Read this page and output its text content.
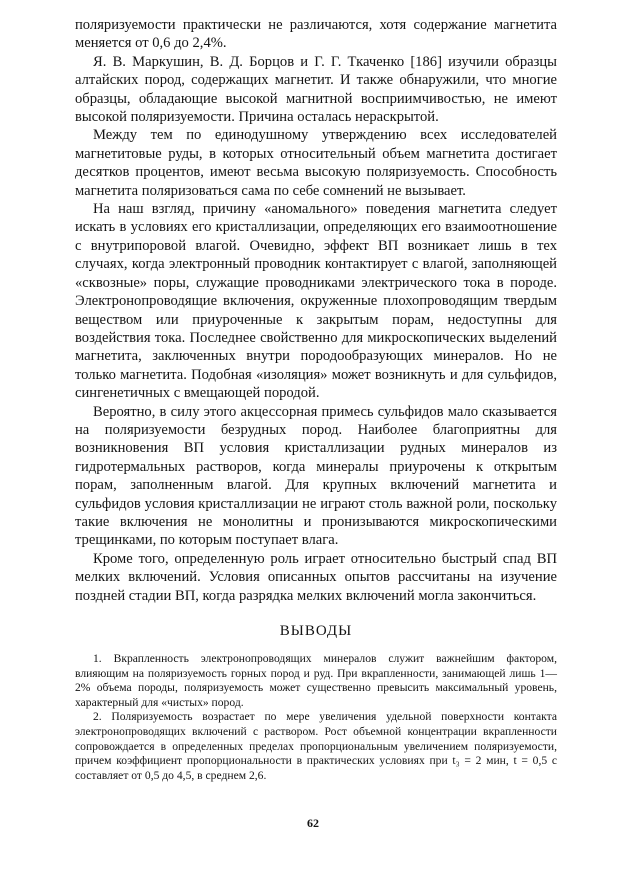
поляризуемости практически не различаются, хотя содержание магнетита меняется от 0,6 до 2,4%.

Я. В. Маркушин, В. Д. Борцов и Г. Г. Ткаченко [186] изучили образцы алтайских пород, содержащих магнетит. И также обнаружили, что многие образцы, обладающие высокой магнитной восприимчивостью, не имеют высокой поляризуемости. Причина осталась нераскрытой.

Между тем по единодушному утверждению всех исследователей магнетитовые руды, в которых относительный объем магнетита достигает десятков процентов, имеют весьма высокую поляризуемость. Способность магнетита поляризоваться сама по себе сомнений не вызывает.

На наш взгляд, причину «аномального» поведения магнетита следует искать в условиях его кристаллизации, определяющих его взаимоотношение с внутрипоровой влагой. Очевидно, эффект ВП возникает лишь в тех случаях, когда электронный проводник контактирует с влагой, заполняющей «сквозные» поры, служащие проводниками электрического тока в породе. Электронопроводящие включения, окруженные плохопроводящим твердым веществом или приуроченные к закрытым порам, недоступны для воздействия тока. Последнее свойственно для микроскопических выделений магнетита, заключенных внутри породообразующих минералов. Но не только магнетита. Подобная «изоляция» может возникнуть и для сульфидов, сингенетичных с вмещающей породой.

Вероятно, в силу этого акцессорная примесь сульфидов мало сказывается на поляризуемости безрудных пород. Наиболее благоприятны для возникновения ВП условия кристаллизации рудных минералов из гидротермальных растворов, когда минералы приурочены к открытым порам, заполненным влагой. Для крупных включений магнетита и сульфидов условия кристаллизации не играют столь важной роли, поскольку такие включения не монолитны и пронизываются микроскопическими трещинками, по которым поступает влага.

Кроме того, определенную роль играет относительно быстрый спад ВП мелких включений. Условия описанных опытов рассчитаны на изучение поздней стадии ВП, когда разрядка мелких включений могла закончиться.

ВЫВОДЫ

1. Вкрапленность электронопроводящих минералов служит важнейшим фактором, влияющим на поляризуемость горных пород и руд. При вкрапленности, занимающей лишь 1—2% объема породы, поляризуемость может существенно превысить максимальный уровень, характерный для «чистых» пород.

2. Поляризуемость возрастает по мере увеличения удельной поверхности контакта электронопроводящих включений с раствором. Рост объемной концентрации вкрапленности сопровождается в определенных пределах пропорциональным увеличением поляризуемости, причем коэффициент пропорциональности в практических условиях при t₃ = 2 мин, t = 0,5 с составляет от 0,5 до 4,5, в среднем 2,6.

62
